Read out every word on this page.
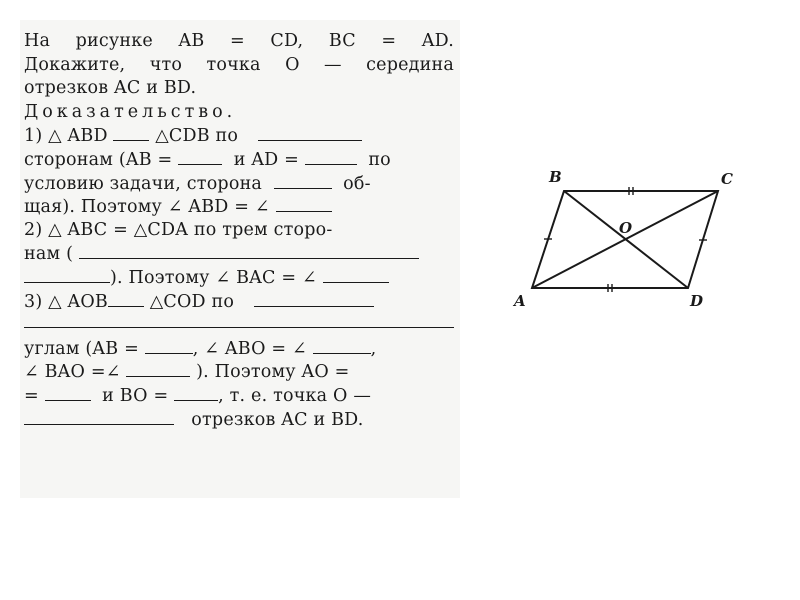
На рисунке AB = CD, BC = AD.
Докажите, что точка O — середина
отрезков AC и BD.
Доказательство.
1) △ ABD	△CDB по
сторонам (AB =	и AD =	по
условию задачи, сторона	об-
щая). Поэтому ∠ ABD = ∠
2) △ ABC = △CDA по трем сторо-
нам (
). Поэтому ∠ BAC = ∠
3) △ AOB △COD по
углам (AB =	, ∠ ABO = ∠	,
∠ BAO =∠	). Поэтому AO =
=	и BO =	, т. е. точка O —
отрезков AC и BD.
B	C
A	D
O
